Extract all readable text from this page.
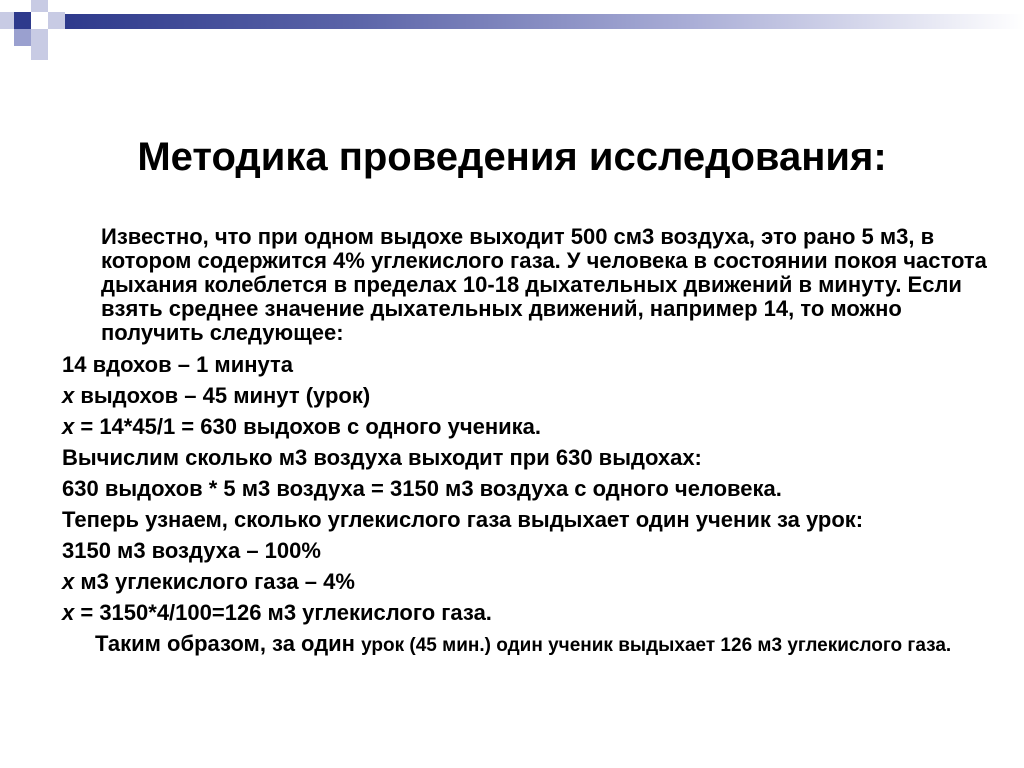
Методика проведения исследования:

Известно, что при одном выдохе выходит 500 см3 воздуха, это рано 5 м3, в котором содержится 4% углекислого газа. У человека в состоянии покоя частота дыхания колеблется в пределах 10-18 дыхательных движений в минуту. Если взять среднее значение дыхательных движений, например 14, то можно получить следующее:

14 вдохов – 1 минута

х выдохов – 45 минут (урок)

х = 14*45/1 = 630 выдохов с одного ученика.

Вычислим сколько м3 воздуха выходит при 630 выдохах:

630 выдохов * 5 м3 воздуха = 3150 м3 воздуха с одного человека.

Теперь узнаем, сколько углекислого газа выдыхает один ученик за урок:

3150 м3 воздуха – 100%

х м3 углекислого газа – 4%

х = 3150*4/100=126 м3 углекислого газа.

Таким образом, за один урок (45 мин.) один ученик выдыхает 126 м3 углекислого газа.
